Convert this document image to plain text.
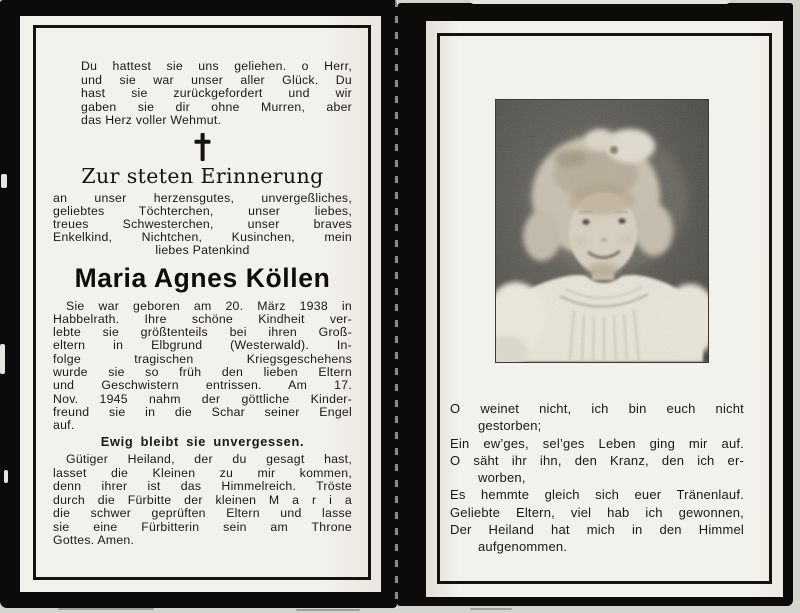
Du hattest sie uns geliehen. o Herr,
und sie war unser aller Glück. Du
hast sie zurückgefordert und wir
gaben sie dir ohne Murren, aber
das Herz voller Wehmut.
Zur steten Erinnerung
an unser herzensgutes, unvergeßliches,
geliebtes Töchterchen, unser liebes,
treues Schwesterchen, unser braves
Enkelkind, Nichtchen, Kusinchen, mein
liebes Patenkind
Maria Agnes Köllen
Sie war geboren am 20. März 1938 in
Habbelrath. Ihre schöne Kindheit ver-
lebte sie größtenteils bei ihren Groß-
eltern in Elbgrund (Westerwald). In-
folge tragischen Kriegsgeschehens
wurde sie so früh den lieben Eltern
und Geschwistern entrissen. Am 17.
Nov. 1945 nahm der göttliche Kinder-
freund sie in die Schar seiner Engel
auf.
Ewig bleibt sie unvergessen.
Gütiger Heiland, der du gesagt hast,
lasset die Kleinen zu mir kommen,
denn ihrer ist das Himmelreich. Tröste
durch die Fürbitte der kleinen M a r i a
die schwer geprüften Eltern und lasse
sie eine Fürbitterin sein am Throne
Gottes. Amen.
O weinet nicht, ich bin euch nicht
gestorben;
Ein ew’ges, sel’ges Leben ging mir auf.
O säht ihr ihn, den Kranz, den ich er-
worben,
Es hemmte gleich sich euer Tränenlauf.
Geliebte Eltern, viel hab ich gewonnen,
Der Heiland hat mich in den Himmel
aufgenommen.
